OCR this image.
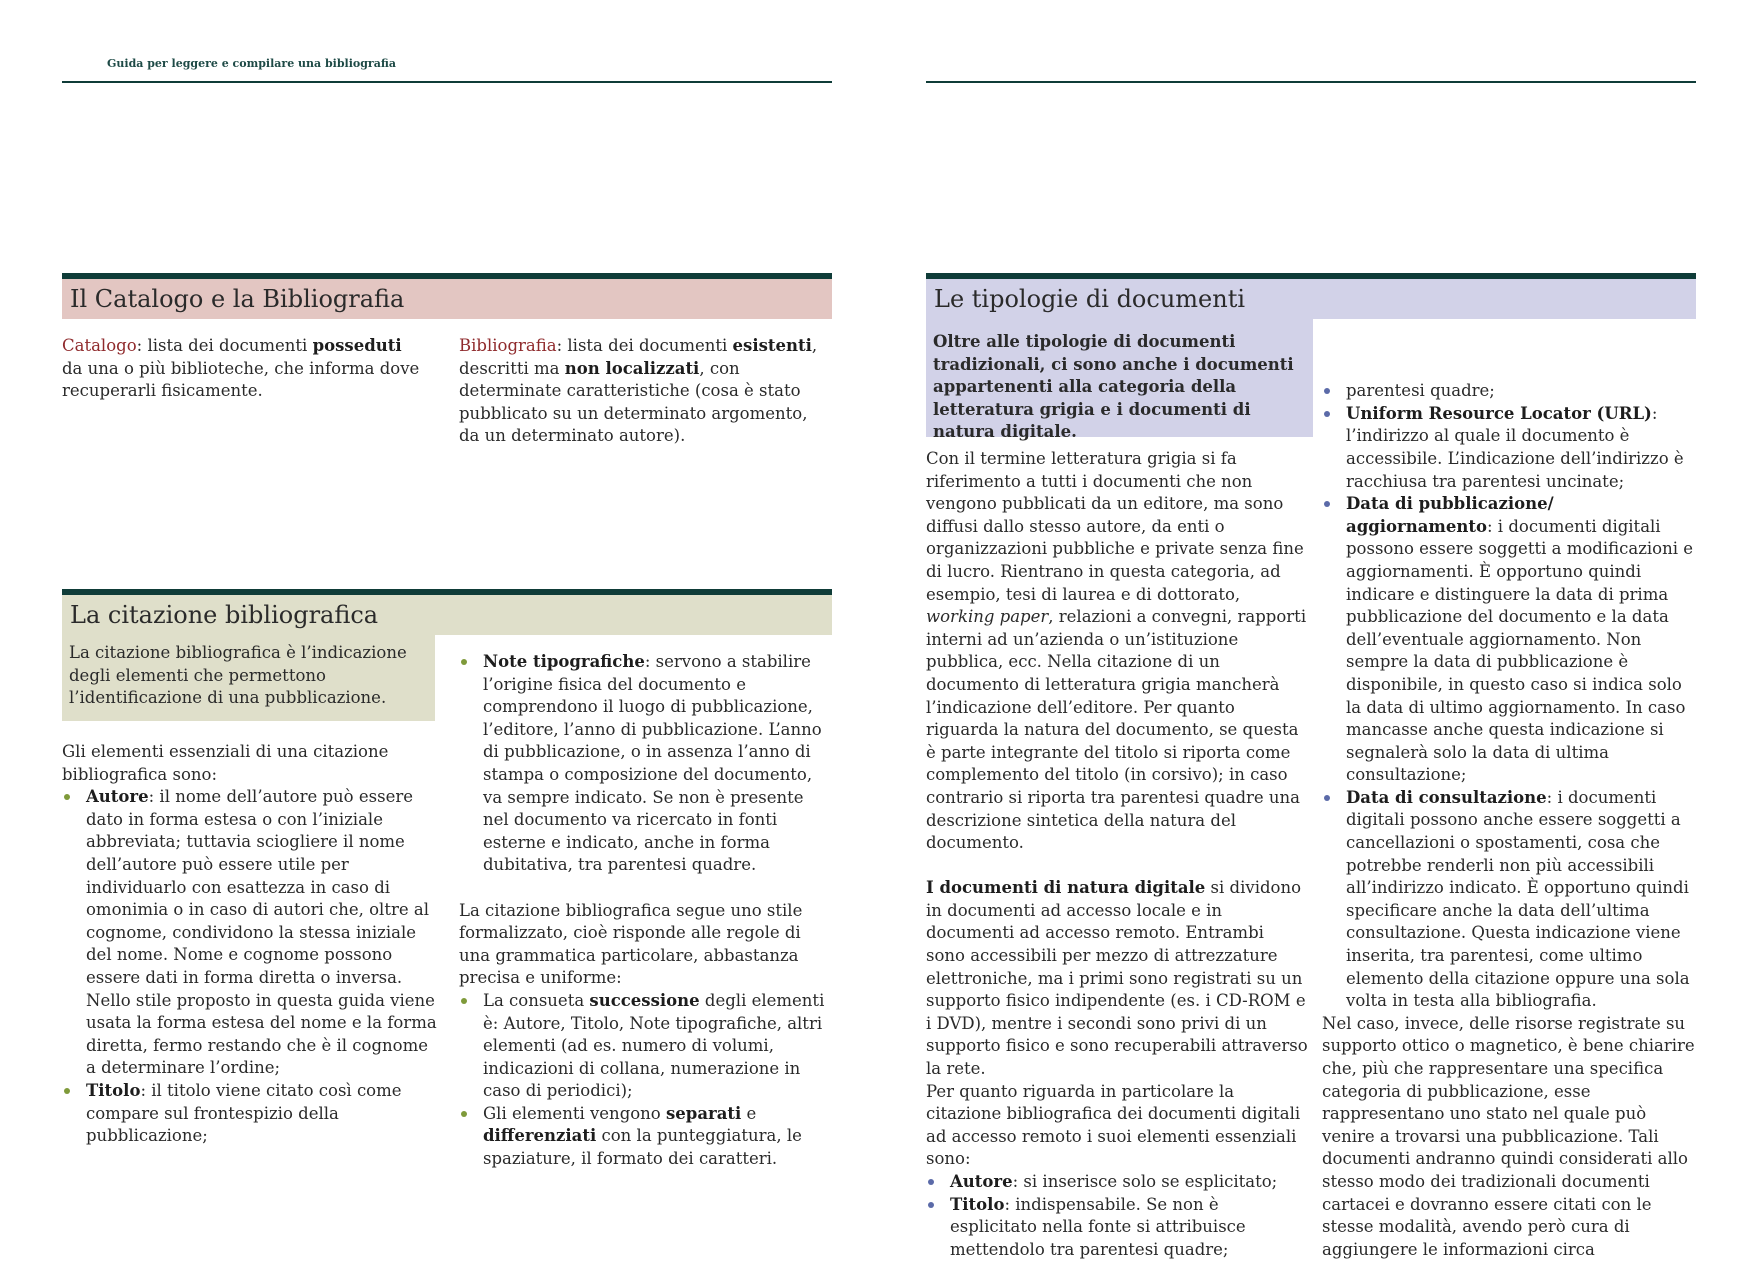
Guida per leggere e compilare una bibliografia
Il Catalogo e la Bibliografia
Catalogo: lista dei documenti posseduti da una o più biblioteche, che informa dove recuperarli fisicamente.
Bibliografia: lista dei documenti esistenti, descritti ma non localizzati, con determinate caratteristiche (cosa è stato pubblicato su un determinato argomento, da un determinato autore).
La citazione bibliografica
La citazione bibliografica è l’indicazione degli elementi che permettono l’identificazione di una pubblicazione.

Gli elementi essenziali di una citazione bibliografica sono:

Autore: il nome dell’autore può essere dato in forma estesa o con l’iniziale abbreviata; tuttavia sciogliere il nome dell’autore può essere utile per individuarlo con esattezza in caso di omonimia o in caso di autori che, oltre al cognome, condividono la stessa iniziale del nome. Nome e cognome possono essere dati in forma diretta o inversa. Nello stile proposto in questa guida viene usata la forma estesa del nome e la forma diretta, fermo restando che è il cognome a determinare l’ordine;
Titolo: il titolo viene citato così come compare sul frontespizio della pubblicazione;
Note tipografiche: servono a stabilire l’origine fisica del documento e comprendono il luogo di pubblicazione, l’editore, l’anno di pubblicazione. L’anno di pubblicazione, o in assenza l’anno di stampa o composizione del documento, va sempre indicato. Se non è presente nel documento va ricercato in fonti esterne e indicato, anche in forma dubitativa, tra parentesi quadre.

La citazione bibliografica segue uno stile formalizzato, cioè risponde alle regole di una grammatica particolare, abbastanza precisa e uniforme:

La consueta successione degli elementi è: Autore, Titolo, Note tipografiche, altri elementi (ad es. numero di volumi, indicazioni di collana, numerazione in caso di periodici);
Gli elementi vengono separati e differenziati con la punteggiatura, le spaziature, il formato dei caratteri.
Le tipologie di documenti
Oltre alle tipologie di documenti tradizionali, ci sono anche i documenti appartenenti alla categoria della letteratura grigia e i documenti di natura digitale.

Con il termine letteratura grigia si fa riferimento a tutti i documenti che non vengono pubblicati da un editore, ma sono diffusi dallo stesso autore, da enti o organizzazioni pubbliche e private senza fine di lucro. Rientrano in questa categoria, ad esempio, tesi di laurea e di dottorato, working paper, relazioni a convegni, rapporti interni ad un’azienda o un’istituzione pubblica, ecc. Nella citazione di un documento di letteratura grigia mancherà l’indicazione dell’editore. Per quanto riguarda la natura del documento, se questa è parte integrante del titolo si riporta come complemento del titolo (in corsivo); in caso contrario si riporta tra parentesi quadre una descrizione sintetica della natura del documento.

I documenti di natura digitale si dividono in documenti ad accesso locale e in documenti ad accesso remoto. Entrambi sono accessibili per mezzo di attrezzature elettroniche, ma i primi sono registrati su un supporto fisico indipendente (es. i CD-ROM e i DVD), mentre i secondi sono privi di un supporto fisico e sono recuperabili attraverso la rete.

Per quanto riguarda in particolare la citazione bibliografica dei documenti digitali ad accesso remoto i suoi elementi essenziali sono:

Autore: si inserisce solo se esplicitato;
Titolo: indispensabile. Se non è esplicitato nella fonte si attribuisce mettendolo tra parentesi quadre;
parentesi quadre;
Uniform Resource Locator (URL): l’indirizzo al quale il documento è accessibile. L’indicazione dell’indirizzo è racchiusa tra parentesi uncinate;
Data di pubblicazione/ aggiornamento: i documenti digitali possono essere soggetti a modificazioni e aggiornamenti. È opportuno quindi indicare e distinguere la data di prima pubblicazione del documento e la data dell’eventuale aggiornamento. Non sempre la data di pubblicazione è disponibile, in questo caso si indica solo la data di ultimo aggiornamento. In caso mancasse anche questa indicazione si segnalerà solo la data di ultima consultazione;
Data di consultazione: i documenti digitali possono anche essere soggetti a cancellazioni o spostamenti, cosa che potrebbe renderli non più accessibili all’indirizzo indicato. È opportuno quindi specificare anche la data dell’ultima consultazione. Questa indicazione viene inserita, tra parentesi, come ultimo elemento della citazione oppure una sola volta in testa alla bibliografia.

Nel caso, invece, delle risorse registrate su supporto ottico o magnetico, è bene chiarire che, più che rappresentare una specifica categoria di pubblicazione, esse rappresentano uno stato nel quale può venire a trovarsi una pubblicazione. Tali documenti andranno quindi considerati allo stesso modo dei tradizionali documenti cartacei e dovranno essere citati con le stesse modalità, avendo però cura di aggiungere le informazioni circa
